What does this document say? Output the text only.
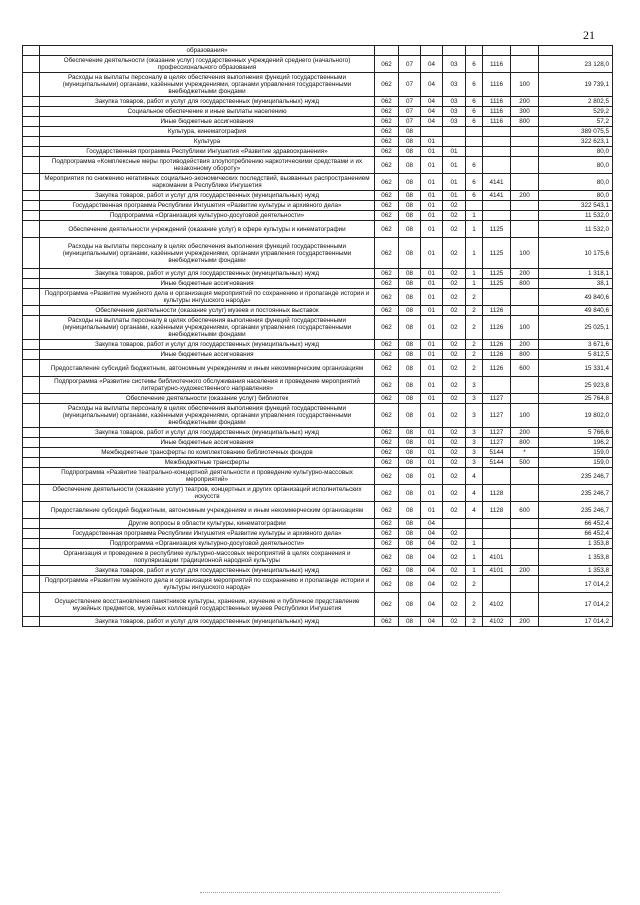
21
	образования»								
	Обеспечение деятельности (оказание услуг) государственных учреждений среднего (начального) профессионального образования	062	07	04	03	6	1116		23 128,0
	Расходы на выплаты персоналу в целях обеспечения выполнения функций государственными (муниципальными) органами, казёнными учреждениями, органами управления государственными внебюджетными фондами	062	07	04	03	6	1116	100	19 739,1
	Закупка товаров, работ и услуг для государственных (муниципальных) нужд	062	07	04	03	6	1116	200	2 802,5
	Социальное обеспечение и иные выплаты населению	062	07	04	03	6	1116	300	529,2
	Иные бюджетные ассигнования	062	07	04	03	6	1116	800	57,2
	Культура, кинематография	062	08						389 075,5
	Культура	062	08	01					322 623,1
	Государственная программа Республики Ингушетия «Развитие здравоохранения»	062	08	01	01				80,0
	Подпрограмма «Комплексные меры противодействия злоупотреблению наркотическими средствами и их незаконному обороту»	062	08	01	01	6			80,0
	Мероприятия по снижению негативных социально-экономических последствий, вызванных распространением наркомании в Республике Ингушетия	062	08	01	01	6	4141		80,0
	Закупка товаров, работ и услуг для государственных (муниципальных) нужд	062	08	01	01	6	4141	200	80,0
	Государственная программа Республики Ингушетия «Развитие культуры и архивного дела»	062	08	01	02				322 543,1
	Подпрограмма «Организация культурно-досуговой деятельности»	062	08	01	02	1			11 532,0
	Обеспечение деятельности учреждений (оказание услуг) в сфере культуры и кинематографии	062	08	01	02	1	1125		11 532,0
	Расходы на выплаты персоналу в целях обеспечения выполнения функций государственными (муниципальными) органами, казёнными учреждениями, органами управления государственными внебюджетными фондами	062	08	01	02	1	1125	100	10 175,6
	Закупка товаров, работ и услуг для государственных (муниципальных) нужд	062	08	01	02	1	1125	200	1 318,1
	Иные бюджетные ассигнования	062	08	01	02	1	1125	800	38,1
	Подпрограмма «Развитие музейного дела и организация мероприятий по сохранению и пропаганде истории и культуры ингушского народа»	062	08	01	02	2			49 840,6
	Обеспечение деятельности (оказание услуг) музеев и постоянных выставок	062	08	01	02	2	1126		49 840,6
	Расходы на выплаты персоналу в целях обеспечения выполнения функций государственными (муниципальными) органами, казёнными учреждениями, органами управления государственными внебюджетными фондами	062	08	01	02	2	1126	100	25 025,1
	Закупка товаров, работ и услуг для государственных (муниципальных) нужд	062	08	01	02	2	1126	200	3 671,6
	Иные бюджетные ассигнования	062	08	01	02	2	1126	800	5 812,5
	Предоставление субсидий бюджетным, автономным учреждениям и иным некоммерческим организациям	062	08	01	02	2	1126	600	15 331,4
	Подпрограмма «Развитие системы библиотечного обслуживания населения и проведение мероприятий литературно-художественного направления»	062	08	01	02	3			25 923,8
	Обеспечение деятельности (оказание услуг) библиотек	062	08	01	02	3	1127		25 764,8
	Расходы на выплаты персоналу в целях обеспечения выполнения функций государственными (муниципальными) органами, казёнными учреждениями, органами управления государственными внебюджетными фондами	062	08	01	02	3	1127	100	19 802,0
	Закупка товаров, работ и услуг для государственных (муниципальных) нужд	062	08	01	02	3	1127	200	5 766,6
	Иные бюджетные ассигнования	062	08	01	02	3	1127	800	196,2
	Межбюджетные трансферты по комплектованию библиотечных фондов	062	08	01	02	3	5144	*	159,0
	Межбюджетные трансферты	062	08	01	02	3	5144	500	159,0
	Подпрограмма «Развитие театрально-концертной деятельности и проведение культурно-массовых мероприятий»	062	08	01	02	4			235 246,7
	Обеспечение деятельности (оказание услуг) театров, концертных и других организаций исполнительских искусств	062	08	01	02	4	1128		235 246,7
	Предоставление субсидий бюджетным, автономным учреждениям и иным некоммерческим организациям	062	08	01	02	4	1128	600	235 246,7
	Другие вопросы в области культуры, кинематографии	062	08	04					66 452,4
	Государственная программа Республики Ингушетия «Развитие культуры и архивного дела»	062	08	04	02				66 452,4
	Подпрограмма «Организация культурно-досуговой деятельности»	062	08	04	02	1			1 353,8
	Организация и проведение в республике культурно-массовых мероприятий в целях сохранения и популяризации традиционной народной культуры	062	08	04	02	1	4101		1 353,8
	Закупка товаров, работ и услуг для государственных (муниципальных) нужд	062	08	04	02	1	4101	200	1 353,8
	Подпрограмма «Развитие музейного дела и организация мероприятий по сохранению и пропаганде истории и культуры ингушского народа»	062	08	04	02	2			17 014,2
	Осуществление восстановления памятников культуры, хранение, изучение и публичное представление музейных предметов, музейных коллекций государственных музеев Республики Ингушетия	062	08	04	02	2	4102		17 014,2
	Закупка товаров, работ и услуг для государственных (муниципальных) нужд	062	08	04	02	2	4102	200	17 014,2
